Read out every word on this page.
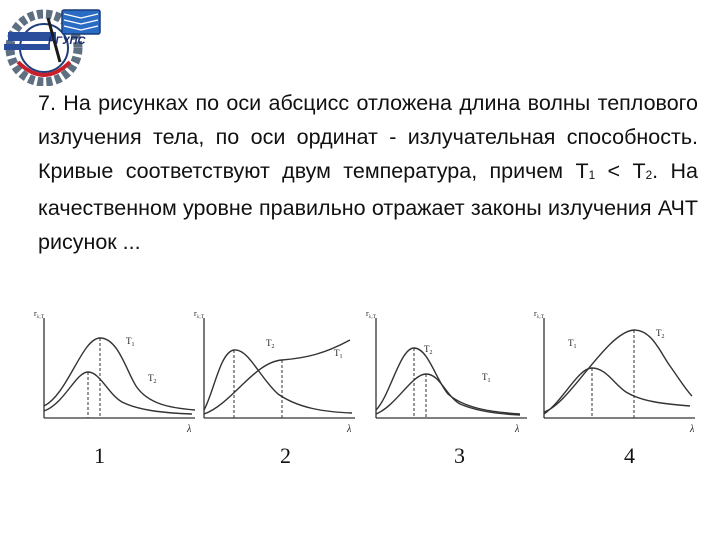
РГУПС

7. На рисунках по оси абсцисс отложена длина волны теплового излучения тела, по оси ординат - излучательная способность. Кривые соответствуют двум температура, причем $Т_1 < Т_2$. На качественном уровне правильно отражает законы излучения АЧТ рисунок ...

$r_{\lambda,T}$
λ
$T_1$
$T_2$
$r_{\lambda,T}$
λ
$T_2$
$T_1$
$r_{\lambda,T}$
λ
$T_2$
$T_1$
$r_{\lambda,T}$
λ
$T_1$
$T_2$
1	2	3	4
